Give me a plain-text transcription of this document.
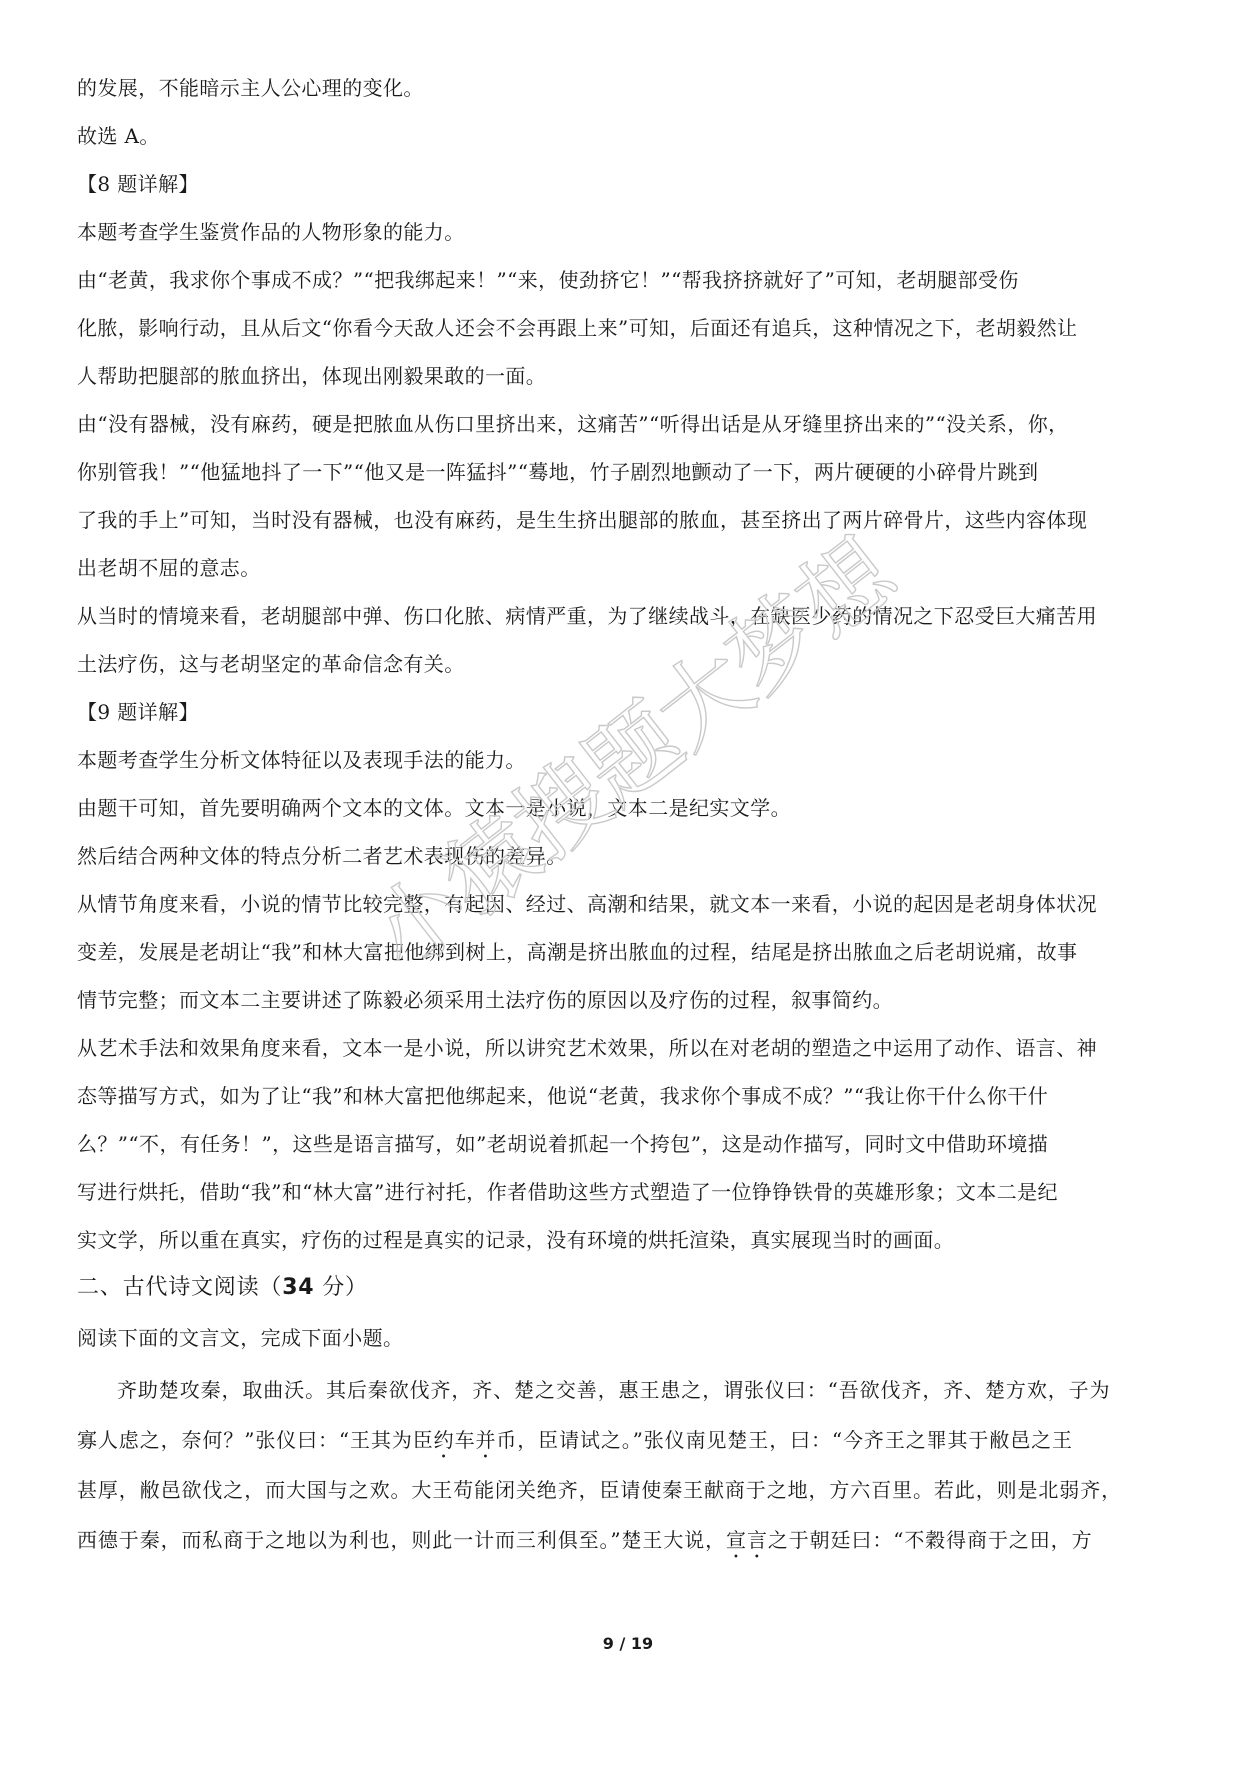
的发展，不能暗示主人公心理的变化。
故选 A。
【8 题详解】
本题考查学生鉴赏作品的人物形象的能力。
由“老黄，我求你个事成不成？”“把我绑起来！”“来，使劲挤它！”“帮我挤挤就好了”可知，老胡腿部受伤
化脓，影响行动，且从后文“你看今天敌人还会不会再跟上来”可知，后面还有追兵，这种情况之下，老胡毅然让
人帮助把腿部的脓血挤出，体现出刚毅果敢的一面。
由“没有器械，没有麻药，硬是把脓血从伤口里挤出来，这痛苦”“听得出话是从牙缝里挤出来的”“没关系，你，
你别管我！”“他猛地抖了一下”“他又是一阵猛抖”“蓦地，竹子剧烈地颤动了一下，两片硬硬的小碎骨片跳到
了我的手上”可知，当时没有器械，也没有麻药，是生生挤出腿部的脓血，甚至挤出了两片碎骨片，这些内容体现
出老胡不屈的意志。
从当时的情境来看，老胡腿部中弹、伤口化脓、病情严重，为了继续战斗，在缺医少药的情况之下忍受巨大痛苦用
土法疗伤，这与老胡坚定的革命信念有关。
【9 题详解】
本题考查学生分析文体特征以及表现手法的能力。
由题干可知，首先要明确两个文本的文体。文本一是小说，文本二是纪实文学。
然后结合两种文体的特点分析二者艺术表现伤的差异。
从情节角度来看，小说的情节比较完整，有起因、经过、高潮和结果，就文本一来看，小说的起因是老胡身体状况
变差，发展是老胡让“我”和林大富把他绑到树上，高潮是挤出脓血的过程，结尾是挤出脓血之后老胡说痛，故事
情节完整；而文本二主要讲述了陈毅必须采用土法疗伤的原因以及疗伤的过程，叙事简约。
从艺术手法和效果角度来看，文本一是小说，所以讲究艺术效果，所以在对老胡的塑造之中运用了动作、语言、神
态等描写方式，如为了让“我”和林大富把他绑起来，他说“老黄，我求你个事成不成？”“我让你干什么你干什
么？”“不，有任务！”，这些是语言描写，如”老胡说着抓起一个挎包”，这是动作描写，同时文中借助环境描
写进行烘托，借助“我”和“林大富”进行衬托，作者借助这些方式塑造了一位铮铮铁骨的英雄形象；文本二是纪
实文学，所以重在真实，疗伤的过程是真实的记录，没有环境的烘托渲染，真实展现当时的画面。
二、古代诗文阅读（34 分）
阅读下面的文言文，完成下面小题。
齐助楚攻秦，取曲沃。其后秦欲伐齐，齐、楚之交善，惠王患之，谓张仪曰：“吾欲伐齐，齐、楚方欢，子为
寡人虑之，奈何？”张仪曰：“王其为臣约车并币，臣请试之。”张仪南见楚王，曰：“今齐王之罪其于敝邑之王
甚厚，敝邑欲伐之，而大国与之欢。大王苟能闭关绝齐，臣请使秦王献商于之地，方六百里。若此，则是北弱齐，
西德于秦，而私商于之地以为利也，则此一计而三利俱至。”楚王大说，宣言之于朝廷曰：“不穀得商于之田，方
小
猿
搜
题
大
梦
想
9 / 19
